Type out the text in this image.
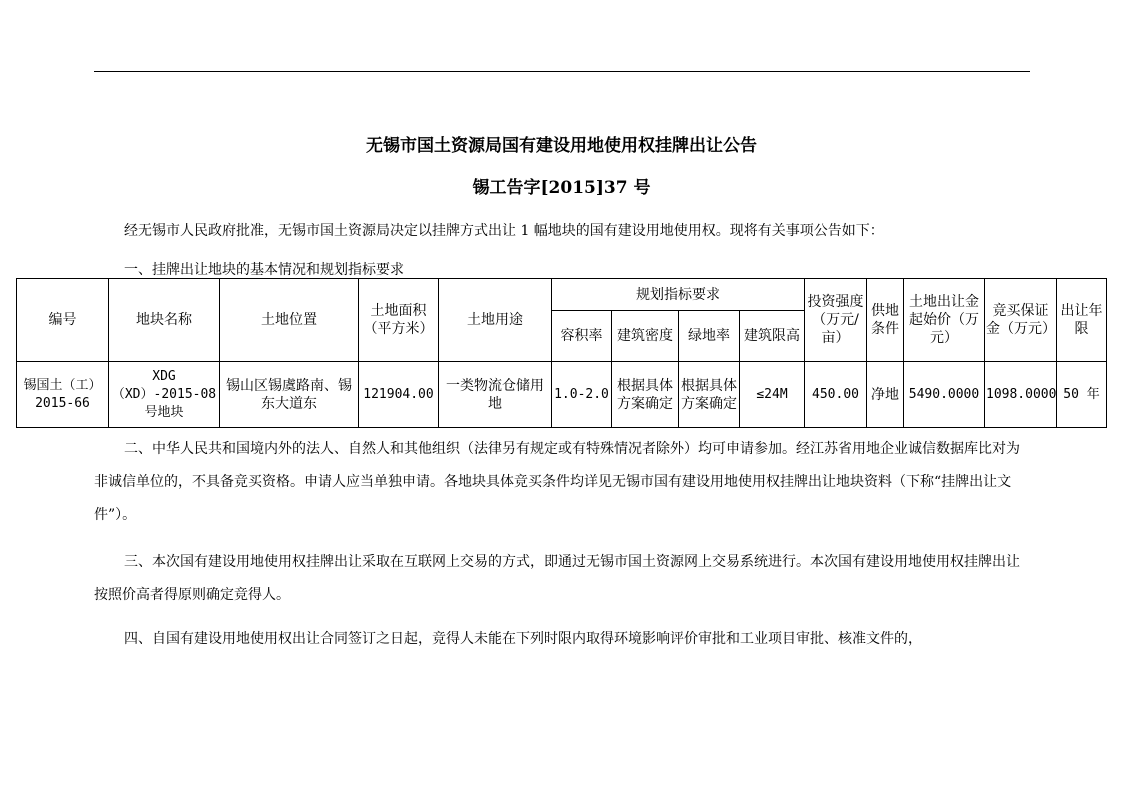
无锡市国土资源局国有建设用地使用权挂牌出让公告
锡工告字[2015]37 号

经无锡市人民政府批准，无锡市国土资源局决定以挂牌方式出让 1 幅地块的国有建设用地使用权。现将有关事项公告如下：

一、挂牌出让地块的基本情况和规划指标要求

编号	地块名称	土地位置	土地面积（平方米）	土地用途	规划指标要求				投资强度（万元/亩）	供地条件	土地出让金起始价（万元）	竞买保证金（万元）	出让年限
					容积率	建筑密度	绿地率	建筑限高					
锡国土（工）2015-66	XDG（XD）-2015-08 号地块	锡山区锡虞路南、锡东大道东	121904.00	一类物流仓储用地	1.0-2.0	根据具体方案确定	根据具体方案确定	≤24M	450.00	净地	5490.0000	1098.0000	50 年

二、中华人民共和国境内外的法人、自然人和其他组织（法律另有规定或有特殊情况者除外）均可申请参加。经江苏省用地企业诚信数据库比对为非诚信单位的，不具备竞买资格。申请人应当单独申请。各地块具体竞买条件均详见无锡市国有建设用地使用权挂牌出让地块资料（下称“挂牌出让文件”）。

三、本次国有建设用地使用权挂牌出让采取在互联网上交易的方式，即通过无锡市国土资源网上交易系统进行。本次国有建设用地使用权挂牌出让按照价高者得原则确定竞得人。

四、自国有建设用地使用权出让合同签订之日起，竞得人未能在下列时限内取得环境影响评价审批和工业项目审批、核准文件的，
